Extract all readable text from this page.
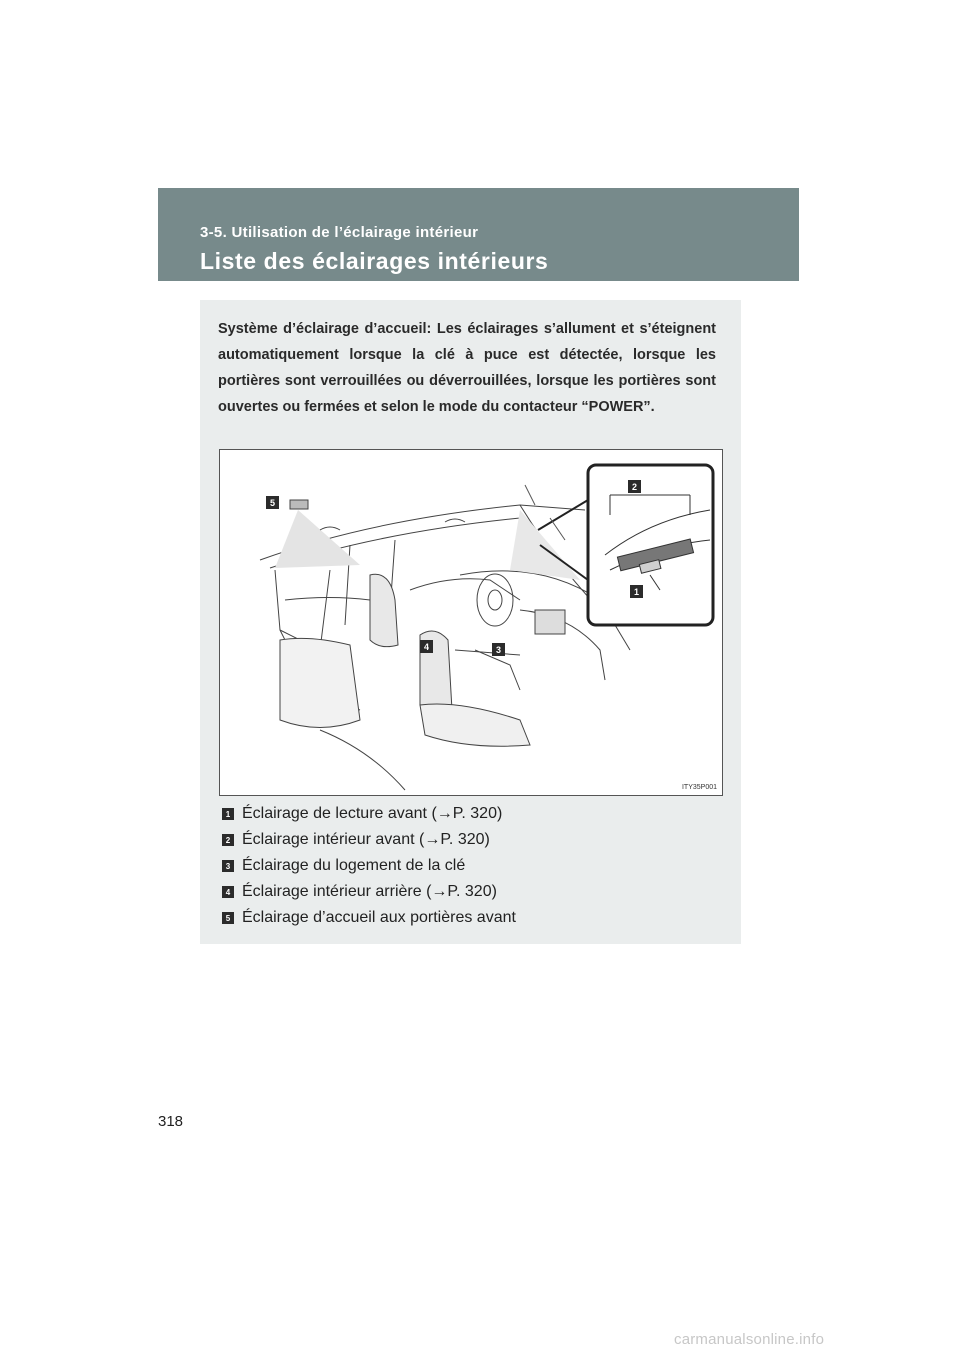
3-5. Utilisation de l’éclairage intérieur
Liste des éclairages intérieurs
Système d’éclairage d’accueil: Les éclairages s’allument et s’éteignent automatiquement lorsque la clé à puce est détectée, lorsque les portières sont verrouillées ou déverrouillées, lorsque les portières sont ouvertes ou fermées et selon le mode du contacteur “POWER”.
2
1
5
4	3
ITY35P001
1 Éclairage de lecture avant (→P. 320)
2 Éclairage intérieur avant (→P. 320)
3 Éclairage du logement de la clé
4 Éclairage intérieur arrière (→P. 320)
5 Éclairage d’accueil aux portières avant
318
carmanualsonline.info
